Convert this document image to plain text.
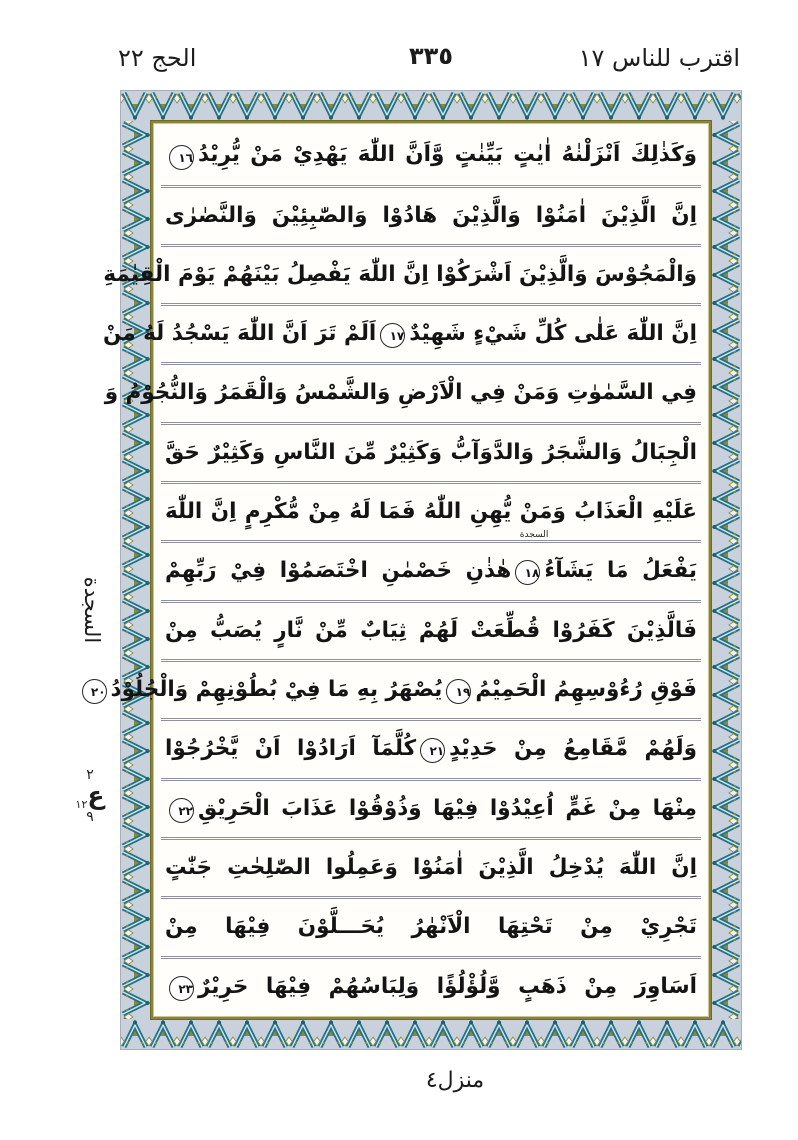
الحج ٢٢	٣٣٥	اقترب للناس ١٧
وَكَذٰلِكَ اَنْزَلْنٰهُ اٰيٰتٍ بَيِّنٰتٍ وَّاَنَّ اللّٰهَ يَهْدِيْ مَنْ يُّرِيْدُ١٦
اِنَّ الَّذِيْنَ اٰمَنُوْا وَالَّذِيْنَ هَادُوْا وَالصّٰبِئِيْنَ وَالنَّصٰرٰى
وَالْمَجُوْسَ وَالَّذِيْنَ اَشْرَكُوْا اِنَّ اللّٰهَ يَفْصِلُ بَيْنَهُمْ يَوْمَ الْقِيٰمَةِ
اِنَّ اللّٰهَ عَلٰى كُلِّ شَيْءٍ شَهِيْدٌ١٧اَلَمْ تَرَ اَنَّ اللّٰهَ يَسْجُدُ لَهُ مَنْ
فِي السَّمٰوٰتِ وَمَنْ فِي الْاَرْضِ وَالشَّمْسُ وَالْقَمَرُ وَالنُّجُوْمُ وَ
الْجِبَالُ وَالشَّجَرُ وَالدَّوَآبُّ وَكَثِيْرٌ مِّنَ النَّاسِ وَكَثِيْرٌ حَقَّ
عَلَيْهِ الْعَذَابُ وَمَنْ يُّهِنِ اللّٰهُ فَمَا لَهُ مِنْ مُّكْرِمٍ اِنَّ اللّٰهَ
يَفْعَلُ مَا يَشَآءُ
السجدة
١٨هٰذٰنِ خَصْمٰنِ اخْتَصَمُوْا فِيْ رَبِّهِمْ
فَالَّذِيْنَ كَفَرُوْا قُطِّعَتْ لَهُمْ ثِيَابٌ مِّنْ نَّارٍ يُصَبُّ مِنْ
فَوْقِ رُءُوْسِهِمُ الْحَمِيْمُ١٩يُصْهَرُ بِهِ مَا فِيْ بُطُوْنِهِمْ وَالْجُلُوْدُ٢٠
وَلَهُمْ مَّقَامِعُ مِنْ حَدِيْدٍ٢١كُلَّمَآ اَرَادُوْا اَنْ يَّخْرُجُوْا
مِنْهَا مِنْ غَمٍّ اُعِيْدُوْا فِيْهَا وَذُوْقُوْا عَذَابَ الْحَرِيْقِ٢٢
اِنَّ اللّٰهَ يُدْخِلُ الَّذِيْنَ اٰمَنُوْا وَعَمِلُوا الصّٰلِحٰتِ جَنّٰتٍ
تَجْرِيْ مِنْ تَحْتِهَا الْاَنْهٰرُ يُحَـــلَّوْنَ فِيْهَا مِنْ
اَسَاوِرَ مِنْ ذَهَبٍ وَّلُؤْلُؤًا وَلِبَاسُهُمْ فِيْهَا حَرِيْرٌ٢٣
السجدة
٢
ع١٢
٩
منزل٤
